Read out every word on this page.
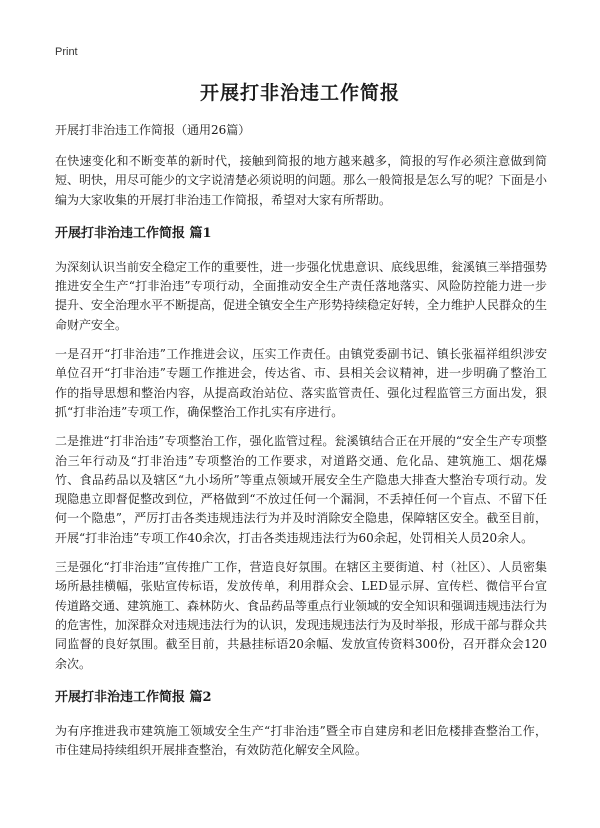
Print
开展打非治违工作简报
开展打非治违工作简报（通用26篇）

在快速变化和不断变革的新时代，接触到简报的地方越来越多，简报的写作必须注意做到简短、明快，用尽可能少的文字说清楚必须说明的问题。那么一般简报是怎么写的呢？下面是小编为大家收集的开展打非治违工作简报，希望对大家有所帮助。

开展打非治违工作简报 篇1

为深刻认识当前安全稳定工作的重要性，进一步强化忧患意识、底线思维，瓮溪镇三举措强势推进安全生产“打非治违”专项行动，全面推动安全生产责任落地落实、风险防控能力进一步提升、安全治理水平不断提高，促进全镇安全生产形势持续稳定好转，全力维护人民群众的生命财产安全。

一是召开“打非治违”工作推进会议，压实工作责任。由镇党委副书记、镇长张福祥组织涉安单位召开“打非治违”专题工作推进会，传达省、市、县相关会议精神，进一步明确了整治工作的指导思想和整治内容，从提高政治站位、落实监管责任、强化过程监管三方面出发，狠抓“打非治违”专项工作，确保整治工作扎实有序进行。

二是推进“打非治违”专项整治工作，强化监管过程。瓮溪镇结合正在开展的“安全生产专项整治三年行动及“打非治违”专项整治的工作要求，对道路交通、危化品、建筑施工、烟花爆竹、食品药品以及辖区“九小场所”等重点领域开展安全生产隐患大排查大整治专项行动。发现隐患立即督促整改到位，严格做到“不放过任何一个漏洞，不丢掉任何一个盲点、不留下任何一个隐患”，严厉打击各类违规违法行为并及时消除安全隐患，保障辖区安全。截至目前，开展“打非治违”专项工作40余次，打击各类违规违法行为60余起，处罚相关人员20余人。

三是强化“打非治违”宣传推广工作，营造良好氛围。在辖区主要街道、村（社区）、人员密集场所悬挂横幅，张贴宣传标语，发放传单，利用群众会、LED显示屏、宣传栏、微信平台宣传道路交通、建筑施工、森林防火、食品药品等重点行业领域的安全知识和强调违规违法行为的危害性，加深群众对违规违法行为的认识，发现违规违法行为及时举报，形成干部与群众共同监督的良好氛围。截至目前，共悬挂标语20余幅、发放宣传资料300份，召开群众会120余次。

开展打非治违工作简报 篇2

为有序推进我市建筑施工领域安全生产“打非治违”暨全市自建房和老旧危楼排查整治工作，市住建局持续组织开展排查整治，有效防范化解安全风险。
